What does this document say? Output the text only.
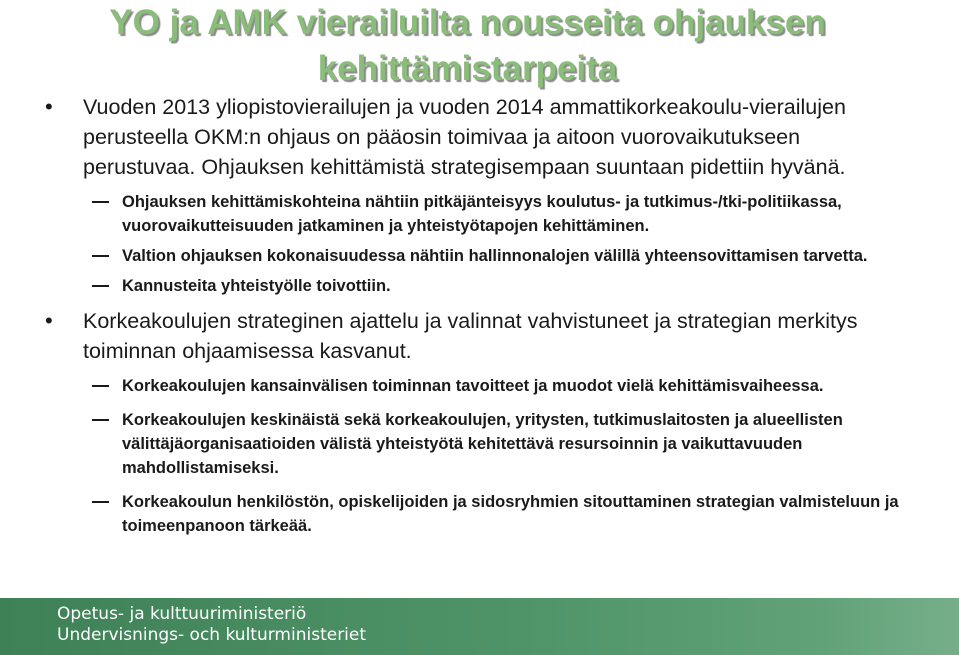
YO ja AMK vierailuilta nousseita ohjauksen
kehittämistarpeita
• Vuoden 2013 yliopistovierailujen ja vuoden 2014 ammattikorkeakoulu-vierailujen perusteella OKM:n ohjaus on pääosin toimivaa ja aitoon vuorovaikutukseen perustuvaa. Ohjauksen kehittämistä strategisempaan suuntaan pidettiin hyvänä.
Ohjauksen kehittämiskohteina nähtiin pitkäjänteisyys koulutus- ja tutkimus-/tki-politiikassa, vuorovaikutteisuuden jatkaminen ja yhteistyötapojen kehittäminen.
Valtion ohjauksen kokonaisuudessa nähtiin hallinnonalojen välillä yhteensovittamisen tarvetta.
Kannusteita yhteistyölle toivottiin.
• Korkeakoulujen strateginen ajattelu ja valinnat vahvistuneet ja strategian merkitys toiminnan ohjaamisessa kasvanut.
Korkeakoulujen kansainvälisen toiminnan tavoitteet ja muodot vielä kehittämisvaiheessa.
Korkeakoulujen keskinäistä sekä korkeakoulujen, yritysten, tutkimuslaitosten ja alueellisten välittäjäorganisaatioiden välistä yhteistyötä kehitettävä resursoinnin ja vaikuttavuuden mahdollistamiseksi.
Korkeakoulun henkilöstön, opiskelijoiden ja sidosryhmien sitouttaminen strategian valmisteluun ja toimeenpanoon tärkeää.
Opetus- ja kulttuuriministeriö
Undervisnings- och kulturministeriet
